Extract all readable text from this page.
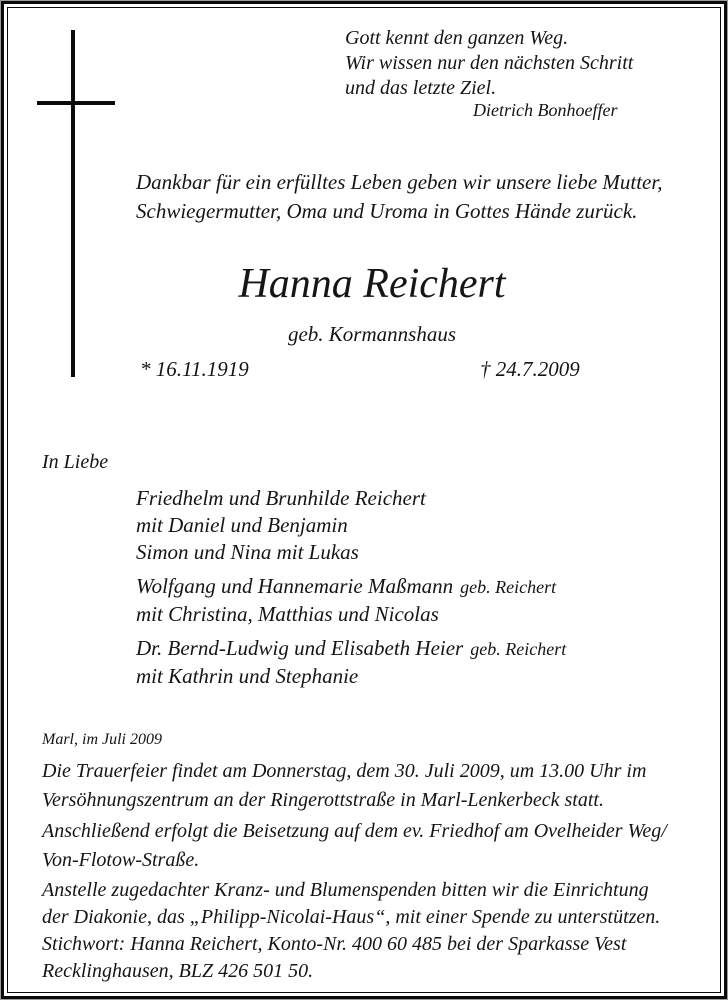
Gott kennt den ganzen Weg.
Wir wissen nur den nächsten Schritt
und das letzte Ziel.
Dietrich Bonhoeffer
Dankbar für ein erfülltes Leben geben wir unsere liebe Mutter,
Schwiegermutter, Oma und Uroma in Gottes Hände zurück.
Hanna Reichert
geb. Kormannshaus
* 16.11.1919	† 24.7.2009
In Liebe
Friedhelm und Brunhilde Reichert
mit Daniel und Benjamin
Simon und Nina mit Lukas
Wolfgang und Hannemarie Maßmann geb. Reichert
mit Christina, Matthias und Nicolas
Dr. Bernd-Ludwig und Elisabeth Heier geb. Reichert
mit Kathrin und Stephanie
Marl, im Juli 2009
Die Trauerfeier findet am Donnerstag, dem 30. Juli 2009, um 13.00 Uhr im
Versöhnungszentrum an der Ringerottstraße in Marl-Lenkerbeck statt.
Anschließend erfolgt die Beisetzung auf dem ev. Friedhof am Ovelheider Weg/
Von-Flotow-Straße.
Anstelle zugedachter Kranz- und Blumenspenden bitten wir die Einrichtung
der Diakonie, das „Philipp-Nicolai-Haus“, mit einer Spende zu unterstützen.
Stichwort: Hanna Reichert, Konto-Nr. 400 60 485 bei der Sparkasse Vest
Recklinghausen, BLZ 426 501 50.
